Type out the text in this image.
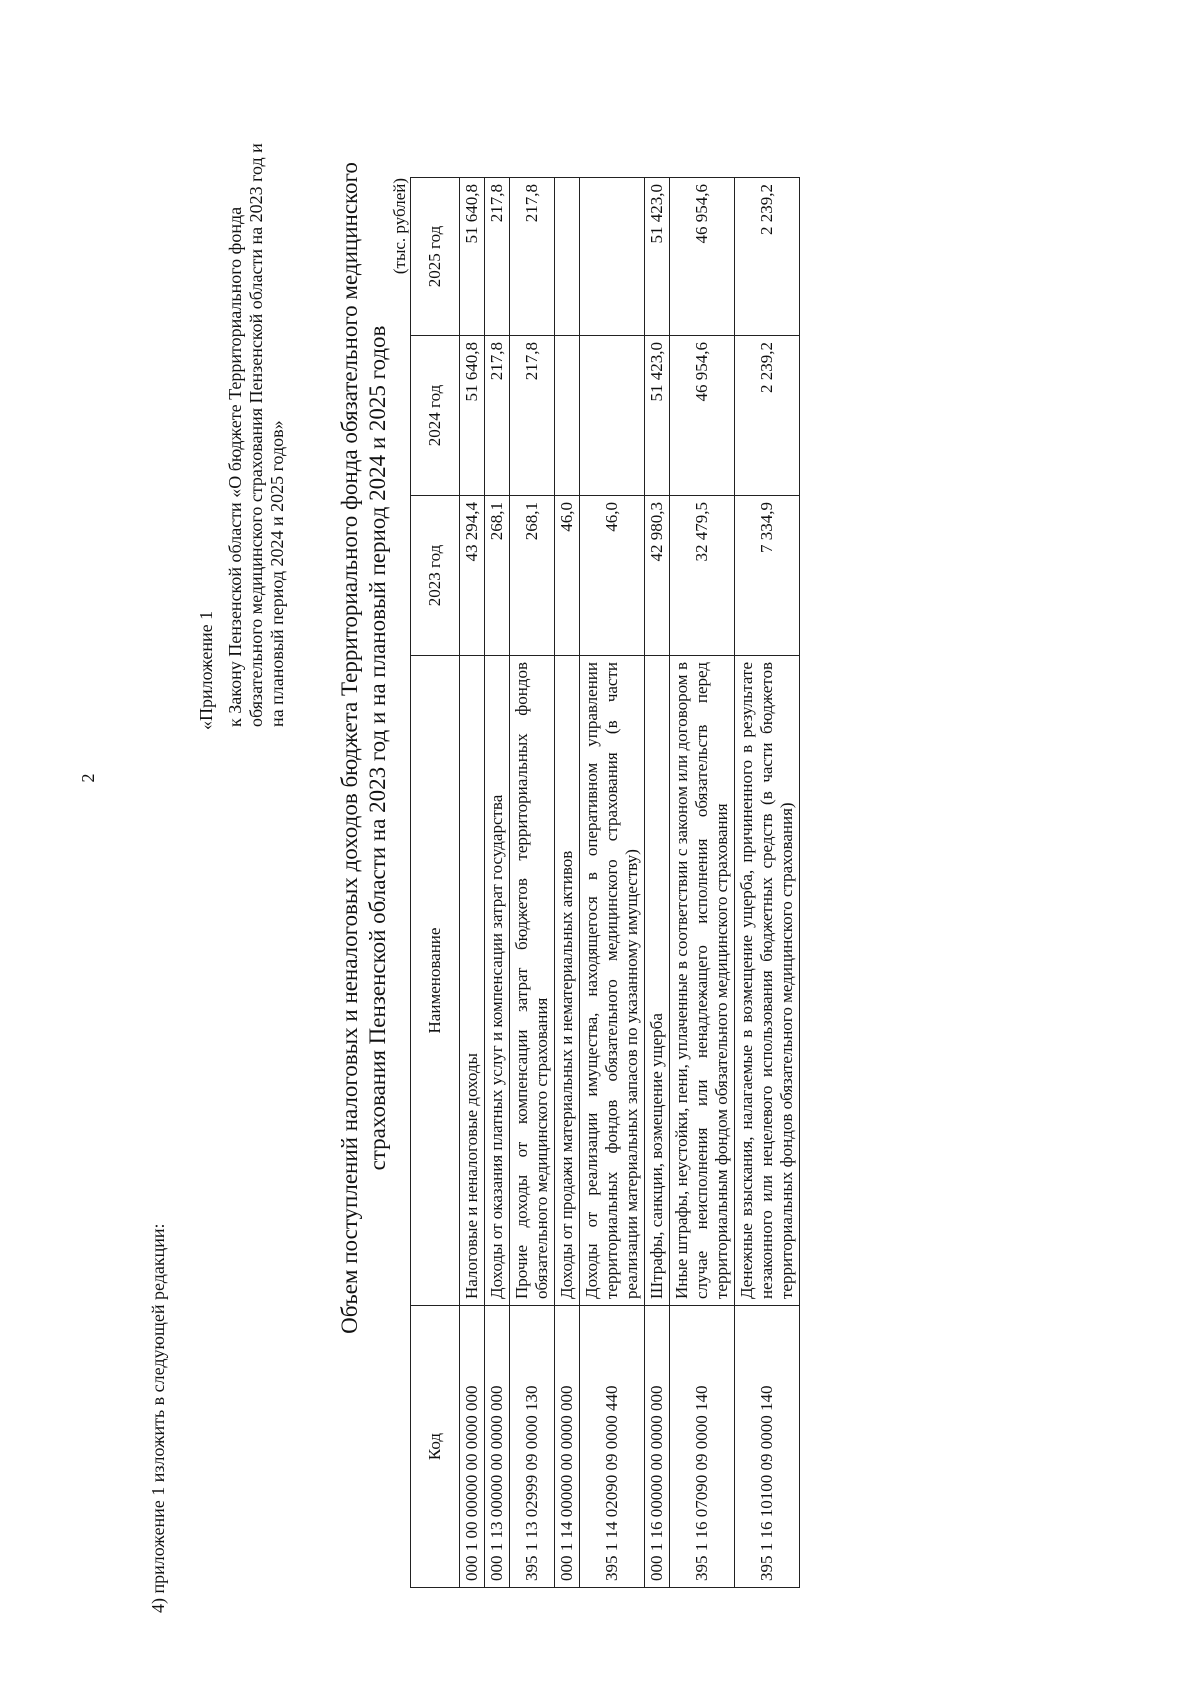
2
4) приложение 1 изложить в следующей редакции:
«Приложение 1 к Закону Пензенской области «О бюджете Территориального фонда обязательного медицинского страхования Пензенской области на 2023 год и на плановый период 2024 и 2025 годов» Объем поступлений налоговых и неналоговых доходов бюджета Территориального фонда обязательного медицинского страхования Пензенской области на 2023 год и на плановый период 2024 и 2025 годов
(тыс. рублей)
Код	Наименование	2023 год	2024 год	2025 год
000 1 00 00000 00 0000 000	Налоговые и неналоговые доходы	43 294,4	51 640,8	51 640,8
000 1 13 00000 00 0000 000	Доходы от оказания платных услуг и компенсации затрат государства	268,1	217,8	217,8
395 1 13 02999 09 0000 130	Прочие доходы от компенсации затрат бюджетов территориальных фондов обязательного медицинского страхования	268,1	217,8	217,8
000 1 14 00000 00 0000 000	Доходы от продажи материальных и нематериальных активов	46,0		
395 1 14 02090 09 0000 440	Доходы от реализации имущества, находящегося в оперативном управлении территориальных фондов обязательного медицинского страхования (в части реализации материальных запасов по указанному имуществу)	46,0		
000 1 16 00000 00 0000 000	Штрафы, санкции, возмещение ущерба	42 980,3	51 423,0	51 423,0
395 1 16 07090 09 0000 140	Иные штрафы, неустойки, пени, уплаченные в соответствии с законом или договором в случае неисполнения или ненадлежащего исполнения обязательств перед территориальным фондом обязательного медицинского страхования	32 479,5	46 954,6	46 954,6
395 1 16 10100 09 0000 140	Денежные взыскания, налагаемые в возмещение ущерба, причиненного в результате незаконного или нецелевого использования бюджетных средств (в части бюджетов территориальных фондов обязательного медицинского страхования)	7 334,9	2 239,2	2 239,2
